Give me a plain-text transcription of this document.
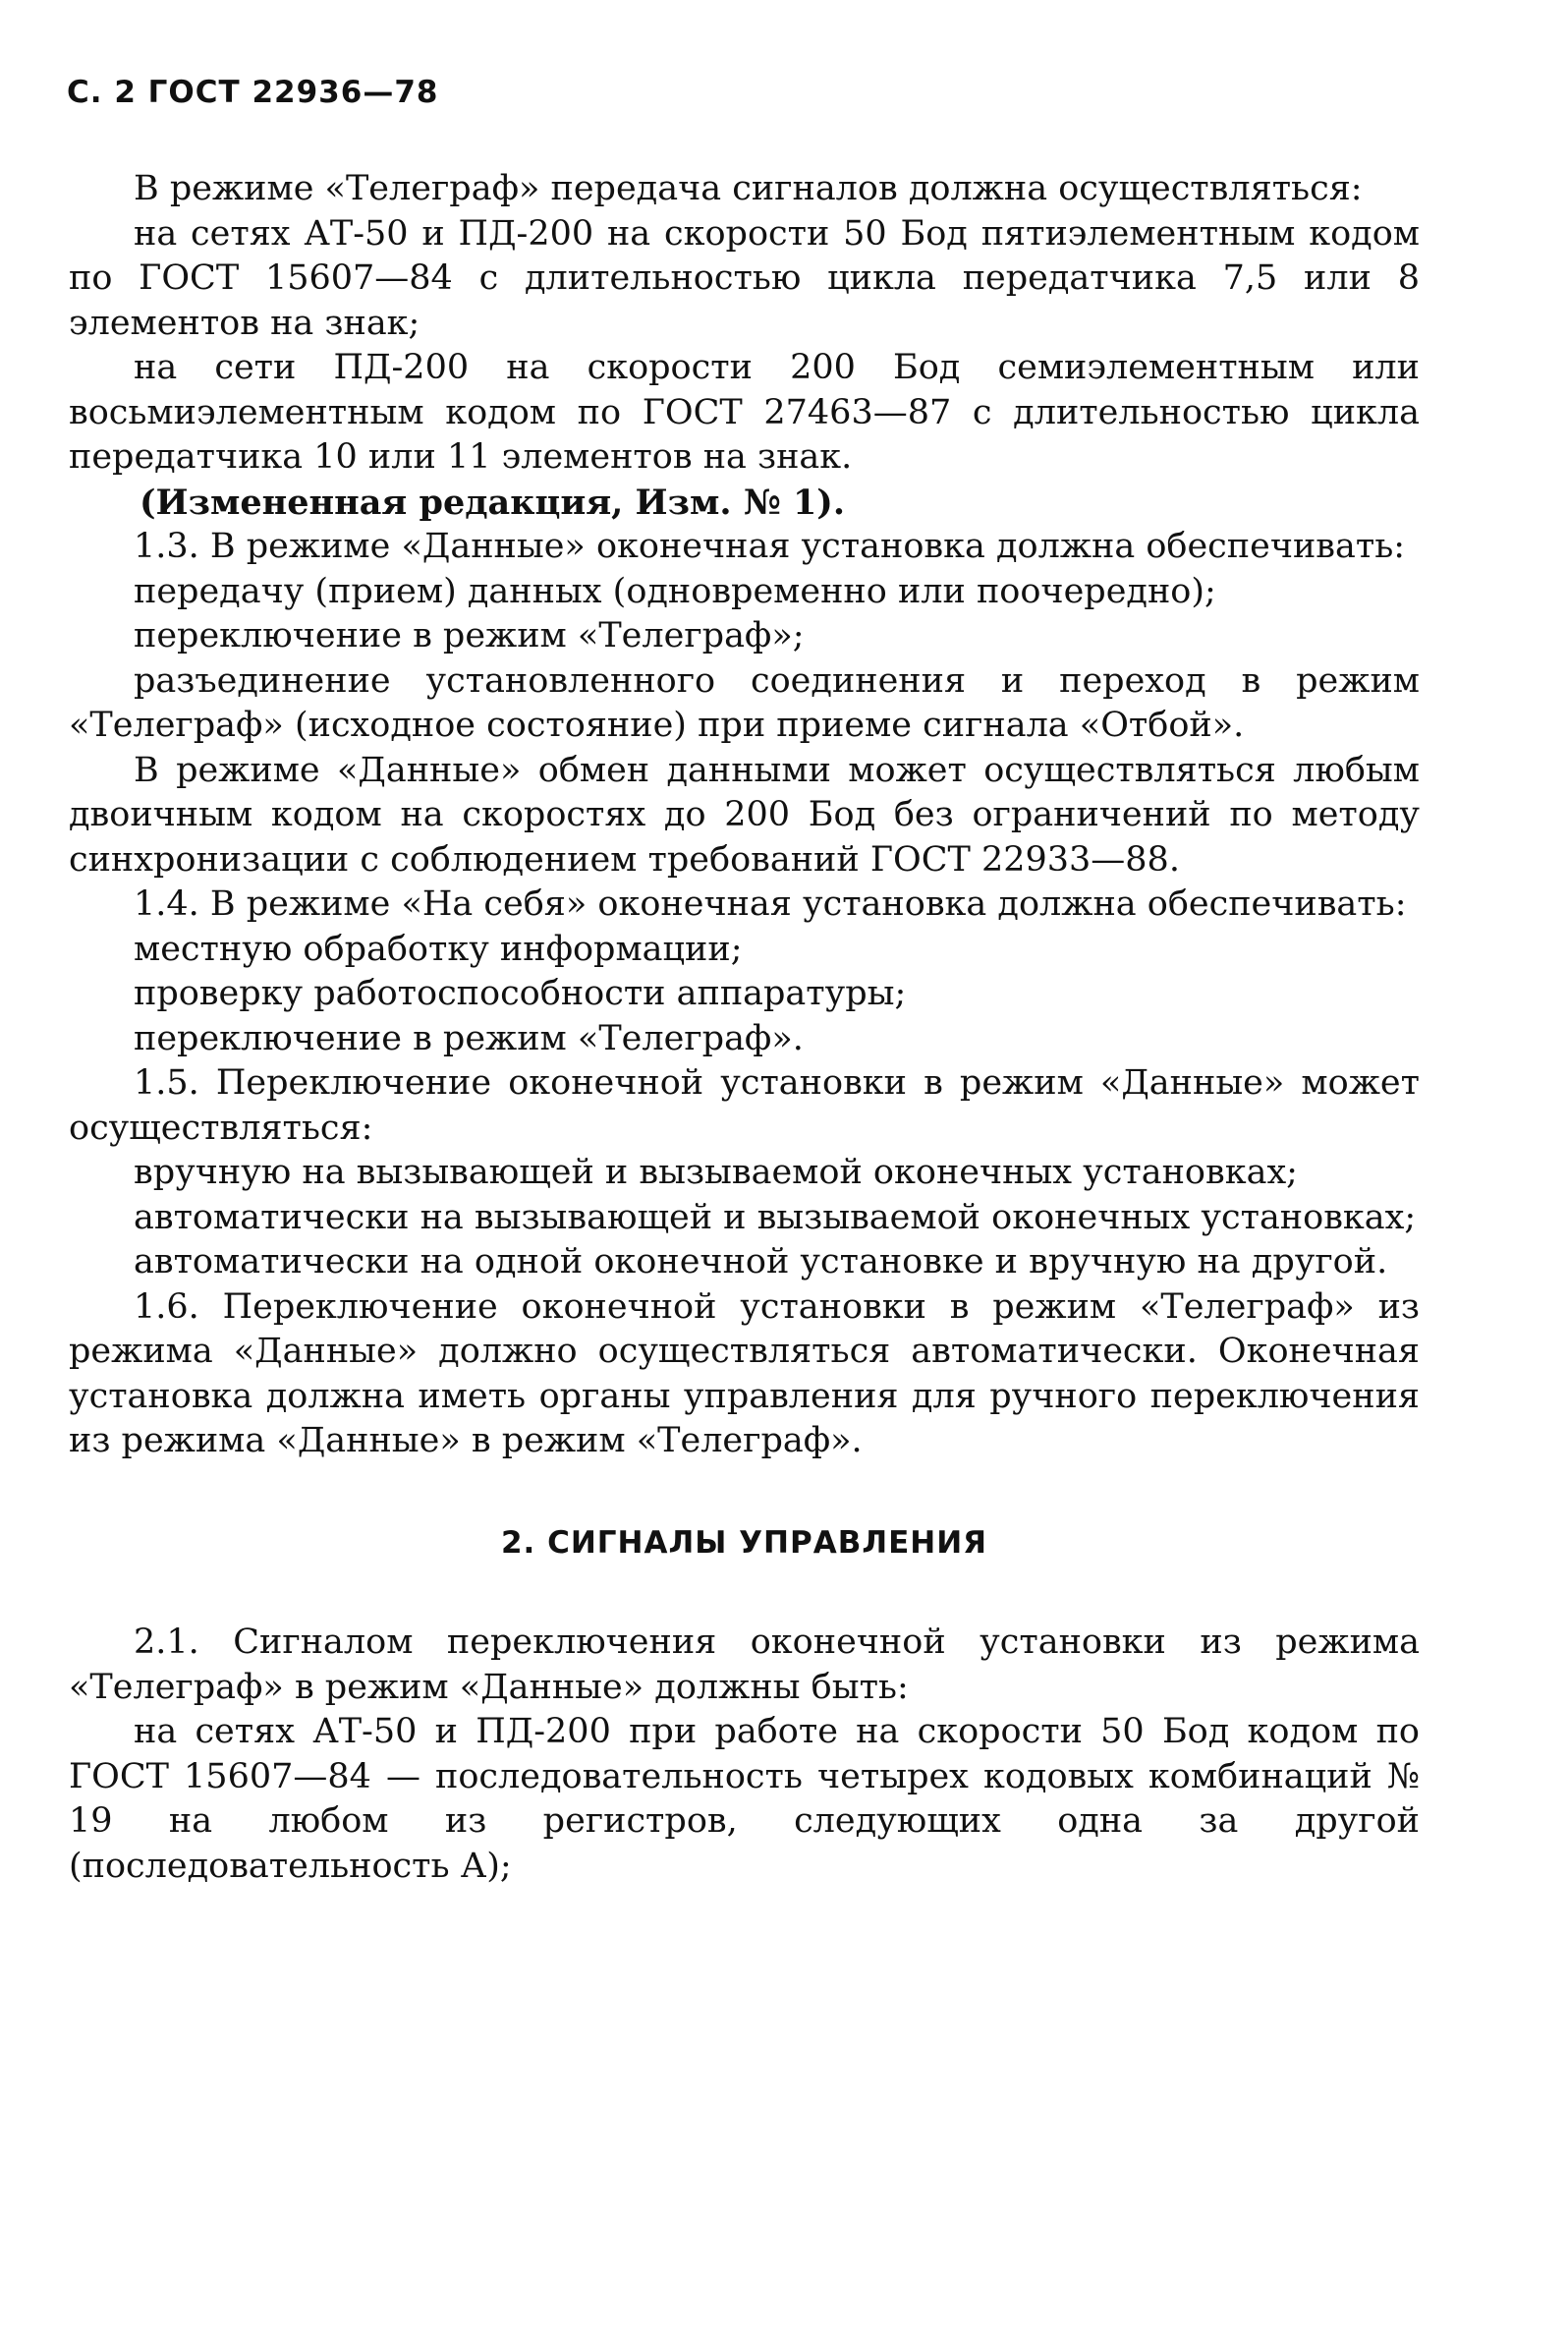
С. 2 ГОСТ 22936—78

В режиме «Телеграф» передача сигналов должна осуществляться:

на сетях АТ-50 и ПД-200 на скорости 50 Бод пятиэлементным кодом по ГОСТ 15607—84 с длительностью цикла передатчика 7,5 или 8 элементов на знак;

на сети ПД-200 на скорости 200 Бод семиэлементным или восьмиэлементным кодом по ГОСТ 27463—87 с длительностью цикла передатчика 10 или 11 элементов на знак.

(Измененная редакция, Изм. № 1).

1.3. В режиме «Данные» оконечная установка должна обеспечивать:

передачу (прием) данных (одновременно или поочередно);

переключение в режим «Телеграф»;

разъединение установленного соединения и переход в режим «Телеграф» (исходное состояние) при приеме сигнала «Отбой».

В режиме «Данные» обмен данными может осуществляться любым двоичным кодом на скоростях до 200 Бод без ограничений по методу синхронизации с соблюдением требований ГОСТ 22933—88.

1.4. В режиме «На себя» оконечная установка должна обеспечивать:

местную обработку информации;

проверку работоспособности аппаратуры;

переключение в режим «Телеграф».

1.5. Переключение оконечной установки в режим «Данные» может осуществляться:

вручную на вызывающей и вызываемой оконечных установках;

автоматически на вызывающей и вызываемой оконечных установках;

автоматически на одной оконечной установке и вручную на другой.

1.6. Переключение оконечной установки в режим «Телеграф» из режима «Данные» должно осуществляться автоматически. Оконечная установка должна иметь органы управления для ручного переключения из режима «Данные» в режим «Телеграф».

2. СИГНАЛЫ УПРАВЛЕНИЯ

2.1. Сигналом переключения оконечной установки из режима «Телеграф» в режим «Данные» должны быть:

на сетях АТ-50 и ПД-200 при работе на скорости 50 Бод кодом по ГОСТ 15607—84 — последовательность четырех кодовых комбинаций № 19 на любом из регистров, следующих одна за другой (последовательность А);
